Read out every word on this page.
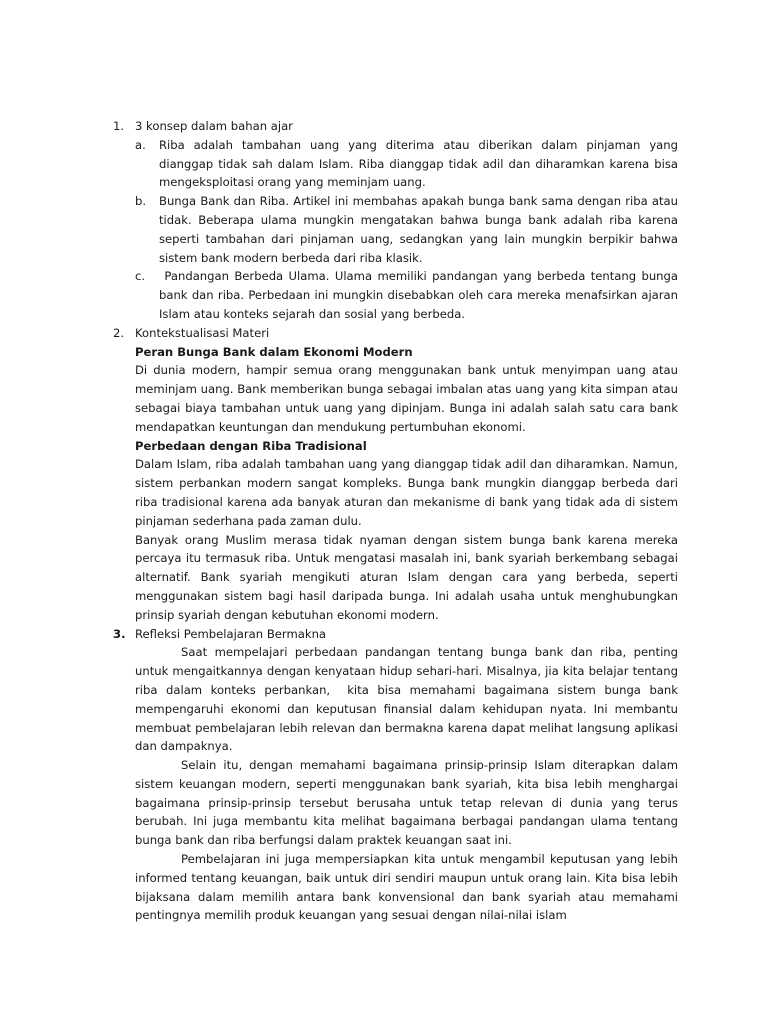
1. 3 konsep dalam bahan ajar
a. Riba adalah tambahan uang yang diterima atau diberikan dalam pinjaman yang dianggap tidak sah dalam Islam. Riba dianggap tidak adil dan diharamkan karena bisa mengeksploitasi orang yang meminjam uang.
b. Bunga Bank dan Riba. Artikel ini membahas apakah bunga bank sama dengan riba atau tidak. Beberapa ulama mungkin mengatakan bahwa bunga bank adalah riba karena seperti tambahan dari pinjaman uang, sedangkan yang lain mungkin berpikir bahwa sistem bank modern berbeda dari riba klasik.
c. Pandangan Berbeda Ulama. Ulama memiliki pandangan yang berbeda tentang bunga bank dan riba. Perbedaan ini mungkin disebabkan oleh cara mereka menafsirkan ajaran Islam atau konteks sejarah dan sosial yang berbeda.
2. Kontekstualisasi Materi
Peran Bunga Bank dalam Ekonomi Modern
Di dunia modern, hampir semua orang menggunakan bank untuk menyimpan uang atau meminjam uang. Bank memberikan bunga sebagai imbalan atas uang yang kita simpan atau sebagai biaya tambahan untuk uang yang dipinjam. Bunga ini adalah salah satu cara bank mendapatkan keuntungan dan mendukung pertumbuhan ekonomi.
Perbedaan dengan Riba Tradisional
Dalam Islam, riba adalah tambahan uang yang dianggap tidak adil dan diharamkan. Namun, sistem perbankan modern sangat kompleks. Bunga bank mungkin dianggap berbeda dari riba tradisional karena ada banyak aturan dan mekanisme di bank yang tidak ada di sistem pinjaman sederhana pada zaman dulu.
Banyak orang Muslim merasa tidak nyaman dengan sistem bunga bank karena mereka percaya itu termasuk riba. Untuk mengatasi masalah ini, bank syariah berkembang sebagai alternatif. Bank syariah mengikuti aturan Islam dengan cara yang berbeda, seperti menggunakan sistem bagi hasil daripada bunga. Ini adalah usaha untuk menghubungkan prinsip syariah dengan kebutuhan ekonomi modern.
3. Refleksi Pembelajaran Bermakna
Saat mempelajari perbedaan pandangan tentang bunga bank dan riba, penting untuk mengaitkannya dengan kenyataan hidup sehari-hari. Misalnya, jia kita belajar tentang riba dalam konteks perbankan,  kita bisa memahami bagaimana sistem bunga bank mempengaruhi ekonomi dan keputusan finansial dalam kehidupan nyata. Ini membantu membuat pembelajaran lebih relevan dan bermakna karena dapat melihat langsung aplikasi dan dampaknya.
Selain itu, dengan memahami bagaimana prinsip-prinsip Islam diterapkan dalam sistem keuangan modern, seperti menggunakan bank syariah, kita bisa lebih menghargai bagaimana prinsip-prinsip tersebut berusaha untuk tetap relevan di dunia yang terus berubah. Ini juga membantu kita melihat bagaimana berbagai pandangan ulama tentang bunga bank dan riba berfungsi dalam praktek keuangan saat ini.
Pembelajaran ini juga mempersiapkan kita untuk mengambil keputusan yang lebih informed tentang keuangan, baik untuk diri sendiri maupun untuk orang lain. Kita bisa lebih bijaksana dalam memilih antara bank konvensional dan bank syariah atau memahami pentingnya memilih produk keuangan yang sesuai dengan nilai-nilai islam
